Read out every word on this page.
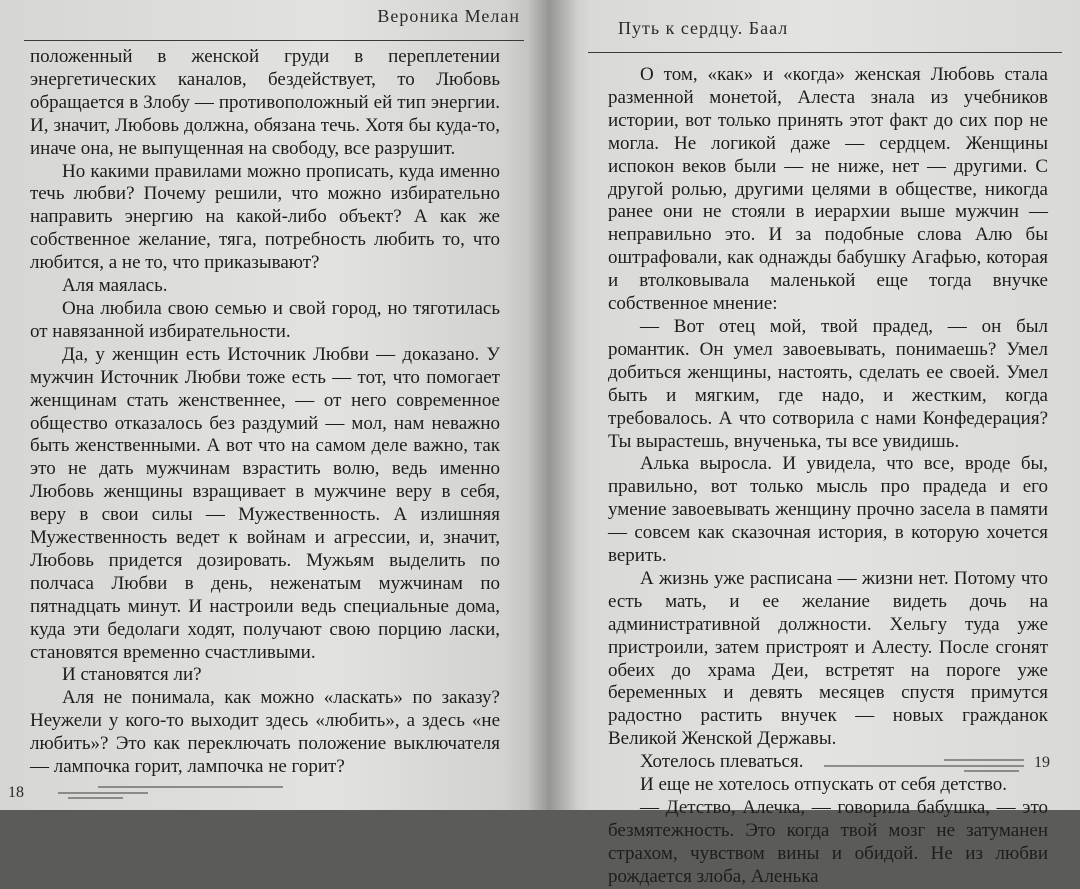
Вероника Мелан

положенный в женской груди в переплетении энергетических каналов, бездействует, то Любовь обращается в Злобу — противоположный ей тип энергии. И, значит, Любовь должна, обязана течь. Хотя бы куда-то, иначе она, не выпущенная на свободу, все разрушит.

Но какими правилами можно прописать, куда именно течь любви? Почему решили, что можно избирательно направить энергию на какой-либо объект? А как же собственное желание, тяга, потребность любить то, что любится, а не то, что приказывают?

Аля маялась.

Она любила свою семью и свой город, но тяготилась от навязанной избирательности.

Да, у женщин есть Источник Любви — доказано. У мужчин Источник Любви тоже есть — тот, что помогает женщинам стать женственнее, — от него современное общество отказалось без раздумий — мол, нам неважно быть женственными. А вот что на самом деле важно, так это не дать мужчинам взрастить волю, ведь именно Любовь женщины взращивает в мужчине веру в себя, веру в свои силы — Мужественность. А излишняя Мужественность ведет к войнам и агрессии, и, значит, Любовь придется дозировать. Мужьям выделить по полчаса Любви в день, неженатым мужчинам по пятнадцать минут. И настроили ведь специальные дома, куда эти бедолаги ходят, получают свою порцию ласки, становятся временно счастливыми.

И становятся ли?

Аля не понимала, как можно «ласкать» по заказу? Неужели у кого-то выходит здесь «любить», а здесь «не любить»? Это как переключать положение выключателя — лампочка горит, лампочка не горит?

18
Путь к сердцу. Баал

О том, «как» и «когда» женская Любовь стала разменной монетой, Алеста знала из учебников истории, вот только принять этот факт до сих пор не могла. Не логикой даже — сердцем. Женщины испокон веков были — не ниже, нет — другими. С другой ролью, другими целями в обществе, никогда ранее они не стояли в иерархии выше мужчин — неправильно это. И за подобные слова Алю бы оштрафовали, как однажды бабушку Агафью, которая и втолковывала маленькой еще тогда внучке собственное мнение:

— Вот отец мой, твой прадед, — он был романтик. Он умел завоевывать, понимаешь? Умел добиться женщины, настоять, сделать ее своей. Умел быть и мягким, где надо, и жестким, когда требовалось. А что сотворила с нами Конфедерация? Ты вырастешь, внученька, ты все увидишь.

Алька выросла. И увидела, что все, вроде бы, правильно, вот только мысль про прадеда и его умение завоевывать женщину прочно засела в памяти — совсем как сказочная история, в которую хочется верить.

А жизнь уже расписана — жизни нет. Потому что есть мать, и ее желание видеть дочь на административной должности. Хельгу туда уже пристроили, затем пристроят и Алесту. После сгонят обеих до храма Деи, встретят на пороге уже беременных и девять месяцев спустя примутся радостно растить внучек — новых гражданок Великой Женской Державы.

Хотелось плеваться.

И еще не хотелось отпускать от себя детство.

— Детство, Алечка, — говорила бабушка, — это безмятежность. Это когда твой мозг не затуманен страхом, чувством вины и обидой. Не из любви рождается злоба, Аленька

19
